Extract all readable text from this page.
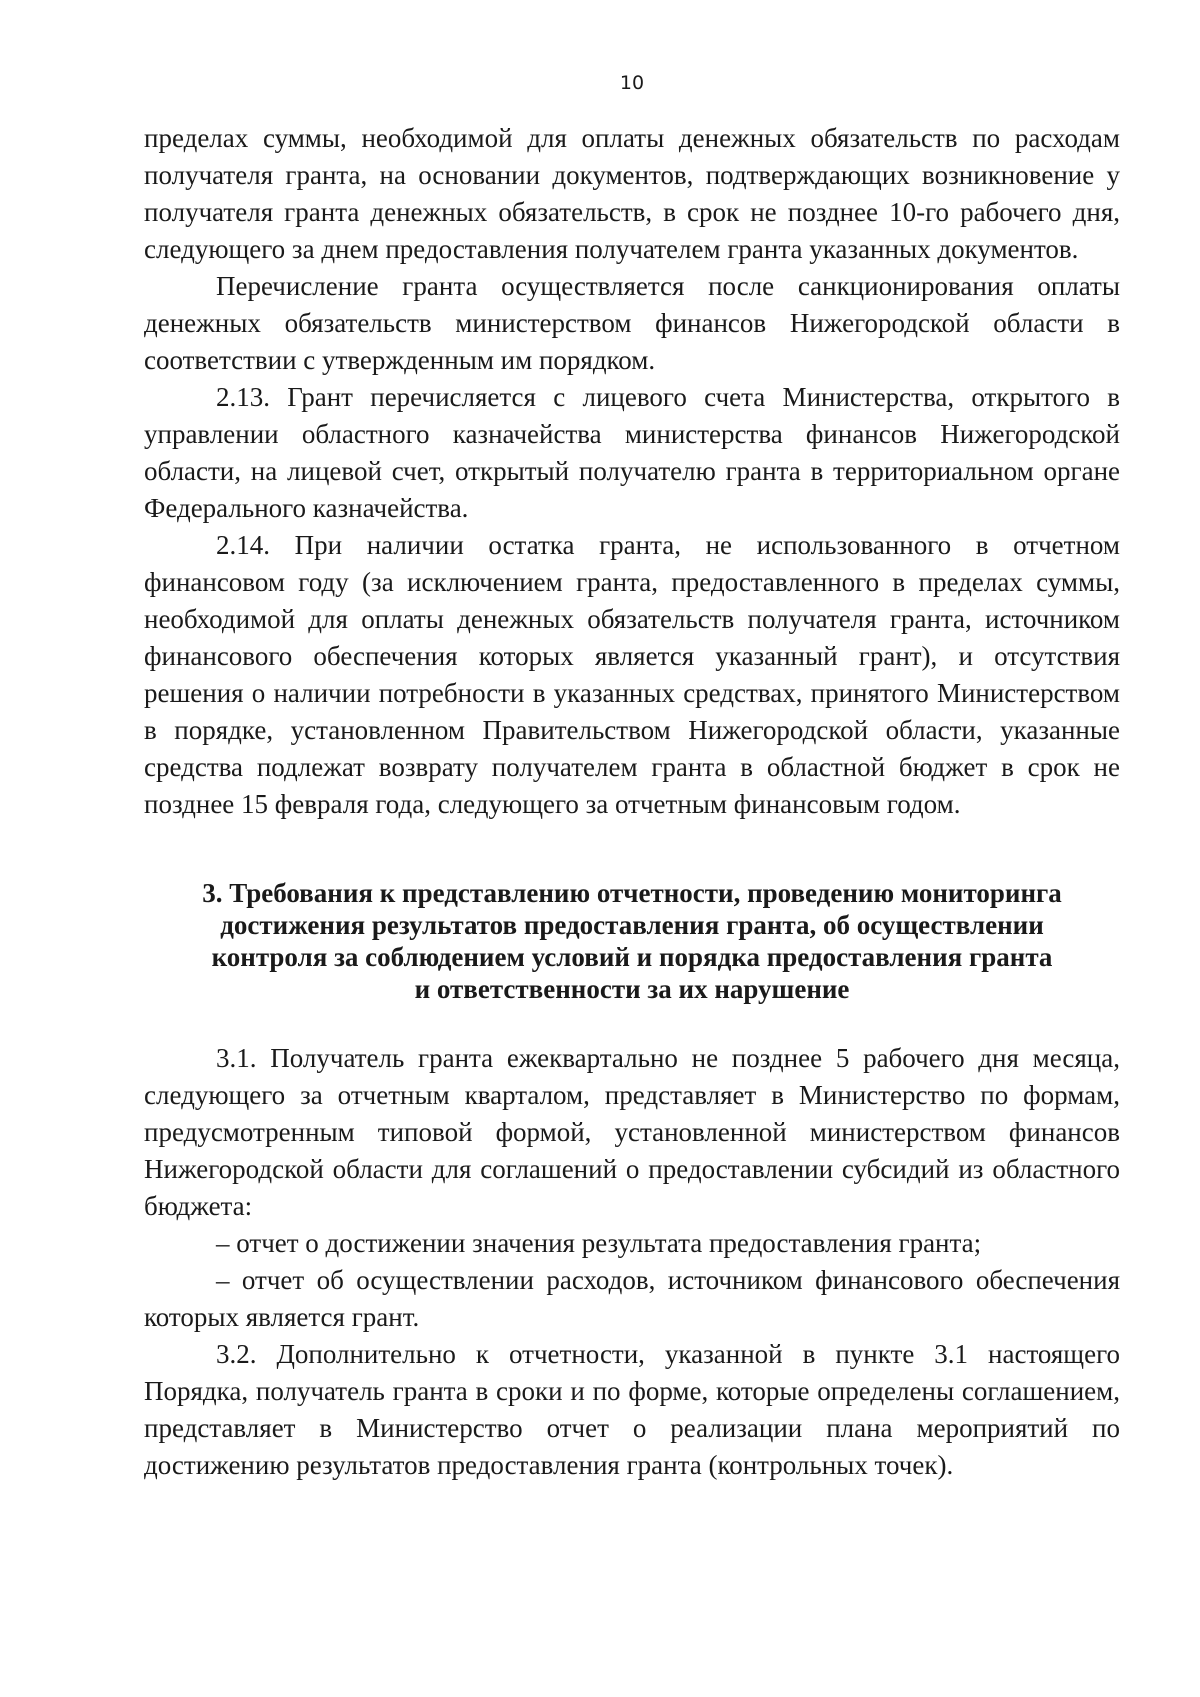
10

пределах суммы, необходимой для оплаты денежных обязательств по расходам получателя гранта, на основании документов, подтверждающих возникновение у получателя гранта денежных обязательств, в срок не позднее 10-го рабочего дня, следующего за днем предоставления получателем гранта указанных документов.

Перечисление гранта осуществляется после санкционирования оплаты денежных обязательств министерством финансов Нижегородской области в соответствии с утвержденным им порядком.

2.13. Грант перечисляется с лицевого счета Министерства, открытого в управлении областного казначейства министерства финансов Нижегородской области, на лицевой счет, открытый получателю гранта в территориальном органе Федерального казначейства.

2.14. При наличии остатка гранта, не использованного в отчетном финансовом году (за исключением гранта, предоставленного в пределах суммы, необходимой для оплаты денежных обязательств получателя гранта, источником финансового обеспечения которых является указанный грант), и отсутствия решения о наличии потребности в указанных средствах, принятого Министерством в порядке, установленном Правительством Нижегородской области, указанные средства подлежат возврату получателем гранта в областной бюджет в срок не позднее 15 февраля года, следующего за отчетным финансовым годом.

3. Требования к представлению отчетности, проведению мониторинга
достижения результатов предоставления гранта, об осуществлении
контроля за соблюдением условий и порядка предоставления гранта
и ответственности за их нарушение

3.1. Получатель гранта ежеквартально не позднее 5 рабочего дня месяца, следующего за отчетным кварталом, представляет в Министерство по формам, предусмотренным типовой формой, установленной министерством финансов Нижегородской области для соглашений о предоставлении субсидий из областного бюджета:

– отчет о достижении значения результата предоставления гранта;

– отчет об осуществлении расходов, источником финансового обеспечения которых является грант.

3.2. Дополнительно к отчетности, указанной в пункте 3.1 настоящего Порядка, получатель гранта в сроки и по форме, которые определены соглашением, представляет в Министерство отчет о реализации плана мероприятий по достижению результатов предоставления гранта (контрольных точек).
